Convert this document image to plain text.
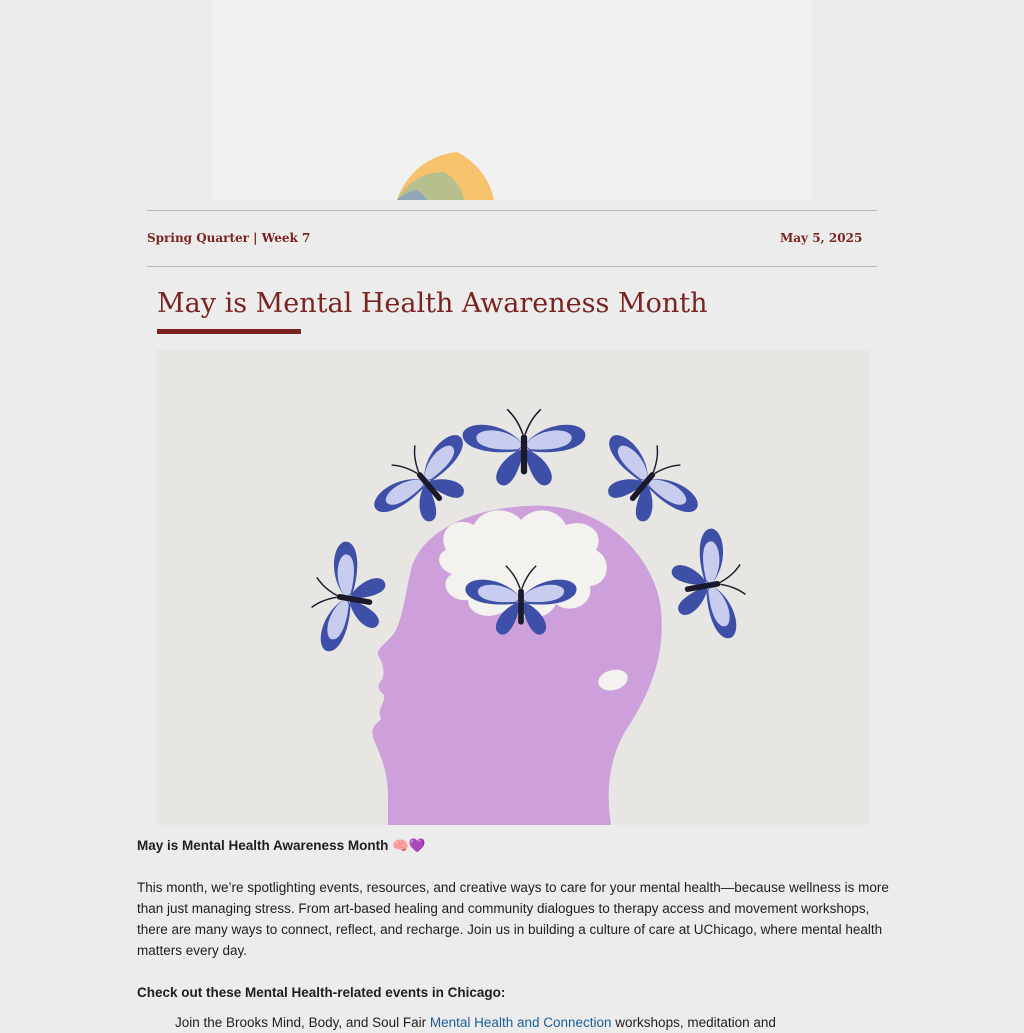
Spring Quarter | Week 7	May 5, 2025
May is Mental Health Awareness Month

May is Mental Health Awareness Month 🧠💜

This month, we’re spotlighting events, resources, and creative ways to care for your mental health—because wellness is more than just managing stress. From art-based healing and community dialogues to therapy access and movement workshops, there are many ways to connect, reflect, and recharge. Join us in building a culture of care at UChicago, where mental health matters every day.

Check out these Mental Health-related events in Chicago:

Join the Brooks Mind, Body, and Soul Fair Mental Health and Connection workshops, meditation and
